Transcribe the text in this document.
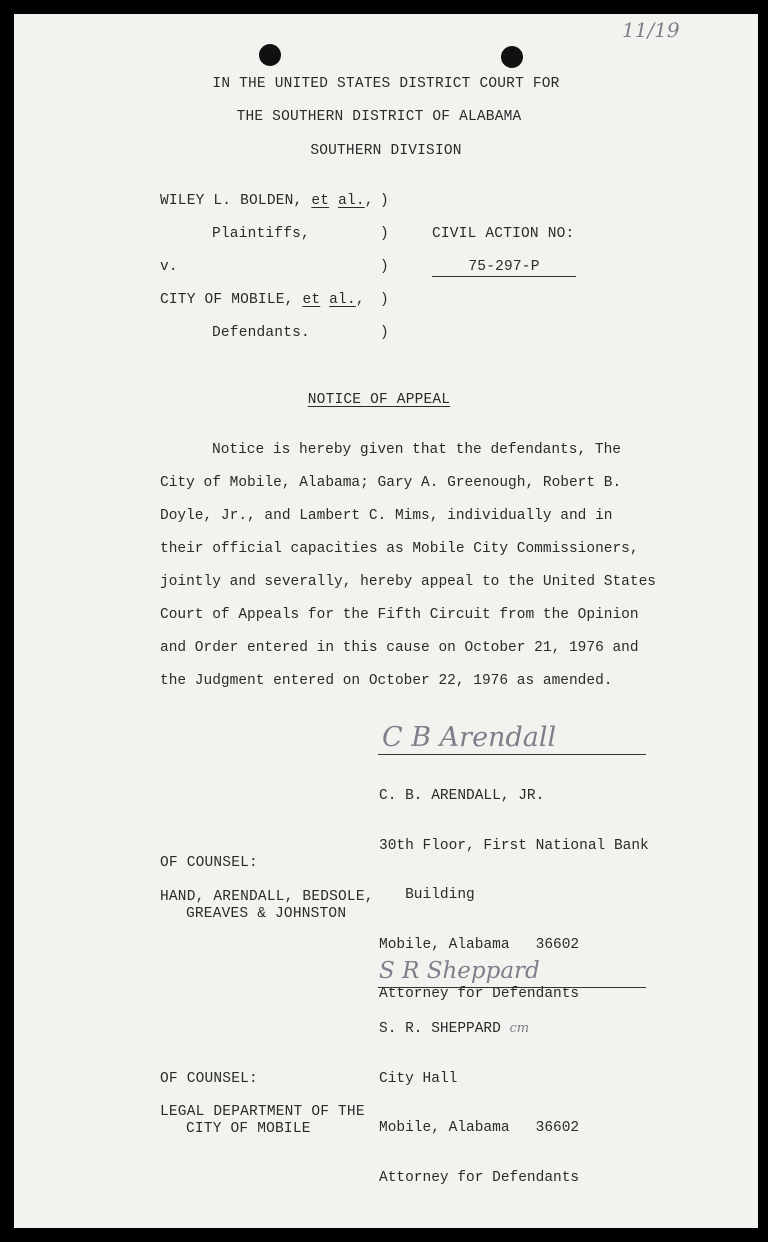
11/19
IN THE UNITED STATES DISTRICT COURT FOR
THE SOUTHERN DISTRICT OF ALABAMA
SOUTHERN DIVISION
WILEY L. BOLDEN, et al.,
Plaintiffs,
v.
CITY OF MOBILE, et al.,
Defendants.
)
)
)
)
)
CIVIL ACTION NO:
75-297-P
NOTICE OF APPEAL
Notice is hereby given that the defendants, The
City of Mobile, Alabama; Gary A. Greenough, Robert B.
Doyle, Jr., and Lambert C. Mims, individually and in
their official capacities as Mobile City Commissioners,
jointly and severally, hereby appeal to the United States
Court of Appeals for the Fifth Circuit from the Opinion
and Order entered in this cause on October 21, 1976 and
the Judgment entered on October 22, 1976 as amended.
C B Arendall

C. B. ARENDALL, JR.

30th Floor, First National Bank

Building

Mobile, Alabama   36602

Attorney for Defendants

OF COUNSEL:
HAND, ARENDALL, BEDSOLE,
GREAVES & JOHNSTON
S R Sheppard

S. R. SHEPPARD cm

City Hall

Mobile, Alabama   36602

Attorney for Defendants

OF COUNSEL:
LEGAL DEPARTMENT OF THE
CITY OF MOBILE
